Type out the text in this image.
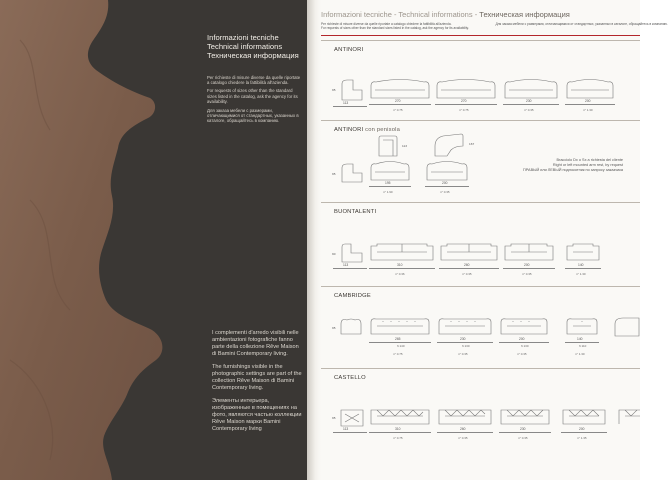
Informazioni tecniche
Technical informations
Техническая информация

Per richieste di misure diverse da quelle riportate a catalogo chiedere la fattibilità all'azienda.

For requests of sizes other than the standard sizes listed in the catalog, ask the agency for its availability.

Для заказа мебели с размерами, отличающимися от стандартных, указанных в каталоге, обращайтесь в компанию.

I complementi d'arredo visibili nelle ambientazioni fotografiche fanno parte della collezione Rêve Maison di Bamini Contemporary living.

The furnishings visible in the photographic settings are part of the collection Rêve Maison di Bamini Contemporary living.

Элементы интерьера, изображенные в помещениях на фото, являются частью коллекции Rêve Maison марки Bamini Contemporary living

Informazioni tecniche - Technical informations - Техническая информация
Per richieste di misure diverse da quelle riportate a catalogo chiedere la fattibilità all'azienda.	Для заказа мебели с размерами, отличающимися от стандартных, указанных в каталоге, обращайтесь в компанию.
For requests of sizes other than the standard sizes listed in the catalog, ask the agency for its availability.
ANTINORI
95
113	270
n° 0.75
270
n° 0.75
230
n° 0.35
200
n° 1.30
ANTINORI con penisola
95
113
195
n° 1.90
167
200
n° 0.35
Bracciolo Dx o Sx a richiesta del cliente
Right or left mounted arm rest, by request
ПРАВЫЙ или ЛЕВЫЙ подлокотник по запросу заказчика
BUONTALENTI
90
113	310
n° 0.36
260
n° 0.35
200
n° 0.35
140
n° 1.30
CAMBRIDGE
95
265
ft 140
n° 0.75
230
ft 130
n° 0.35
200
ft 130
n° 0.35
140
ft 110
n° 1.30
CASTELLO
95
113	310
n° 0.75
260
n° 0.35
230
n° 0.35
200
n° 1.35
